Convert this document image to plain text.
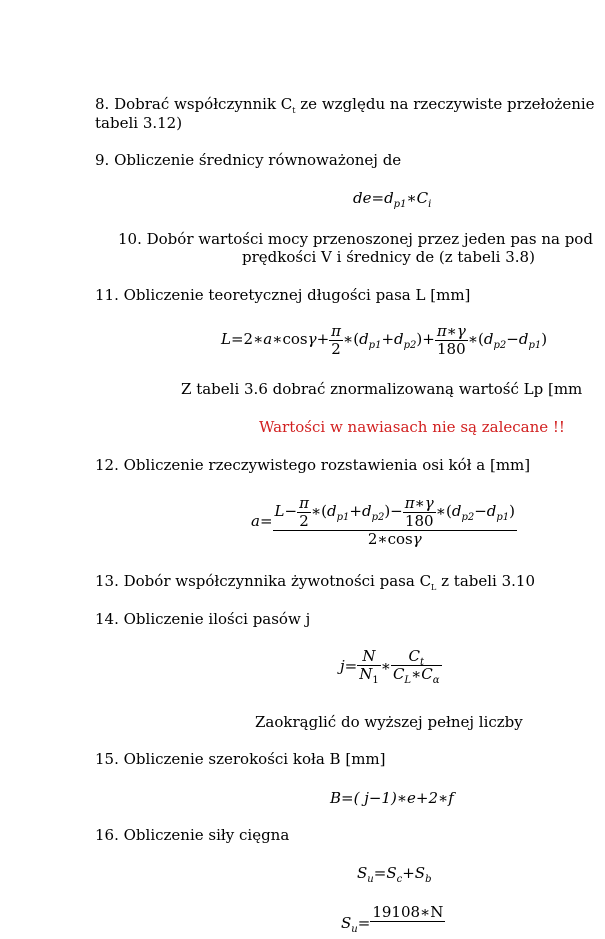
8. Dobrać współczynnik $C_t$ ze względu na rzeczywiste przełożenie
tabeli 3.12)
9. Obliczenie średnicy równoważonej de
$de=d_{p1}∗C_i$
10. Dobór wartości mocy przenoszonej przez jeden pas na pod
prędkości V i średnicy de (z tabeli 3.8)
11. Obliczenie teoretycznej długości pasa L [mm]
L=2∗a∗cosγ+ $\frac{\pi}{2}$ $∗(d_{p1}+d_{p2})+ \frac{\pi∗\gamma}{180}$ $∗(d_{p2}-d_{p1})$
Z tabeli 3.6 dobrać znormalizowaną wartość Lp [mm
Wartości w nawiasach nie są zalecane !!
12. Obliczenie rzeczywistego rozstawienia osi kół a [mm]
$a= \frac{L- \frac{\pi}{2} ∗(d_{p1}+d_{p2})- \frac{\pi∗\gamma}{180} ∗(d_{p2}-d_{p1})}{2∗\cos\gamma}$
13. Dobór współczynnika żywotności pasa $C_L$ z tabeli 3.10
14. Obliczenie ilości pasów j
$j= \frac{N}{N_1}$ ∗ $\frac{C_t}{C_L∗C_\alpha}$
Zaokrąglić do wyższej pełnej liczby
15. Obliczenie szerokości koła B [mm]
B=( j−1)∗e+2∗f
16. Obliczenie siły cięgna
$S_u=S_c+S_b$
$S_u=$
19108∗N
